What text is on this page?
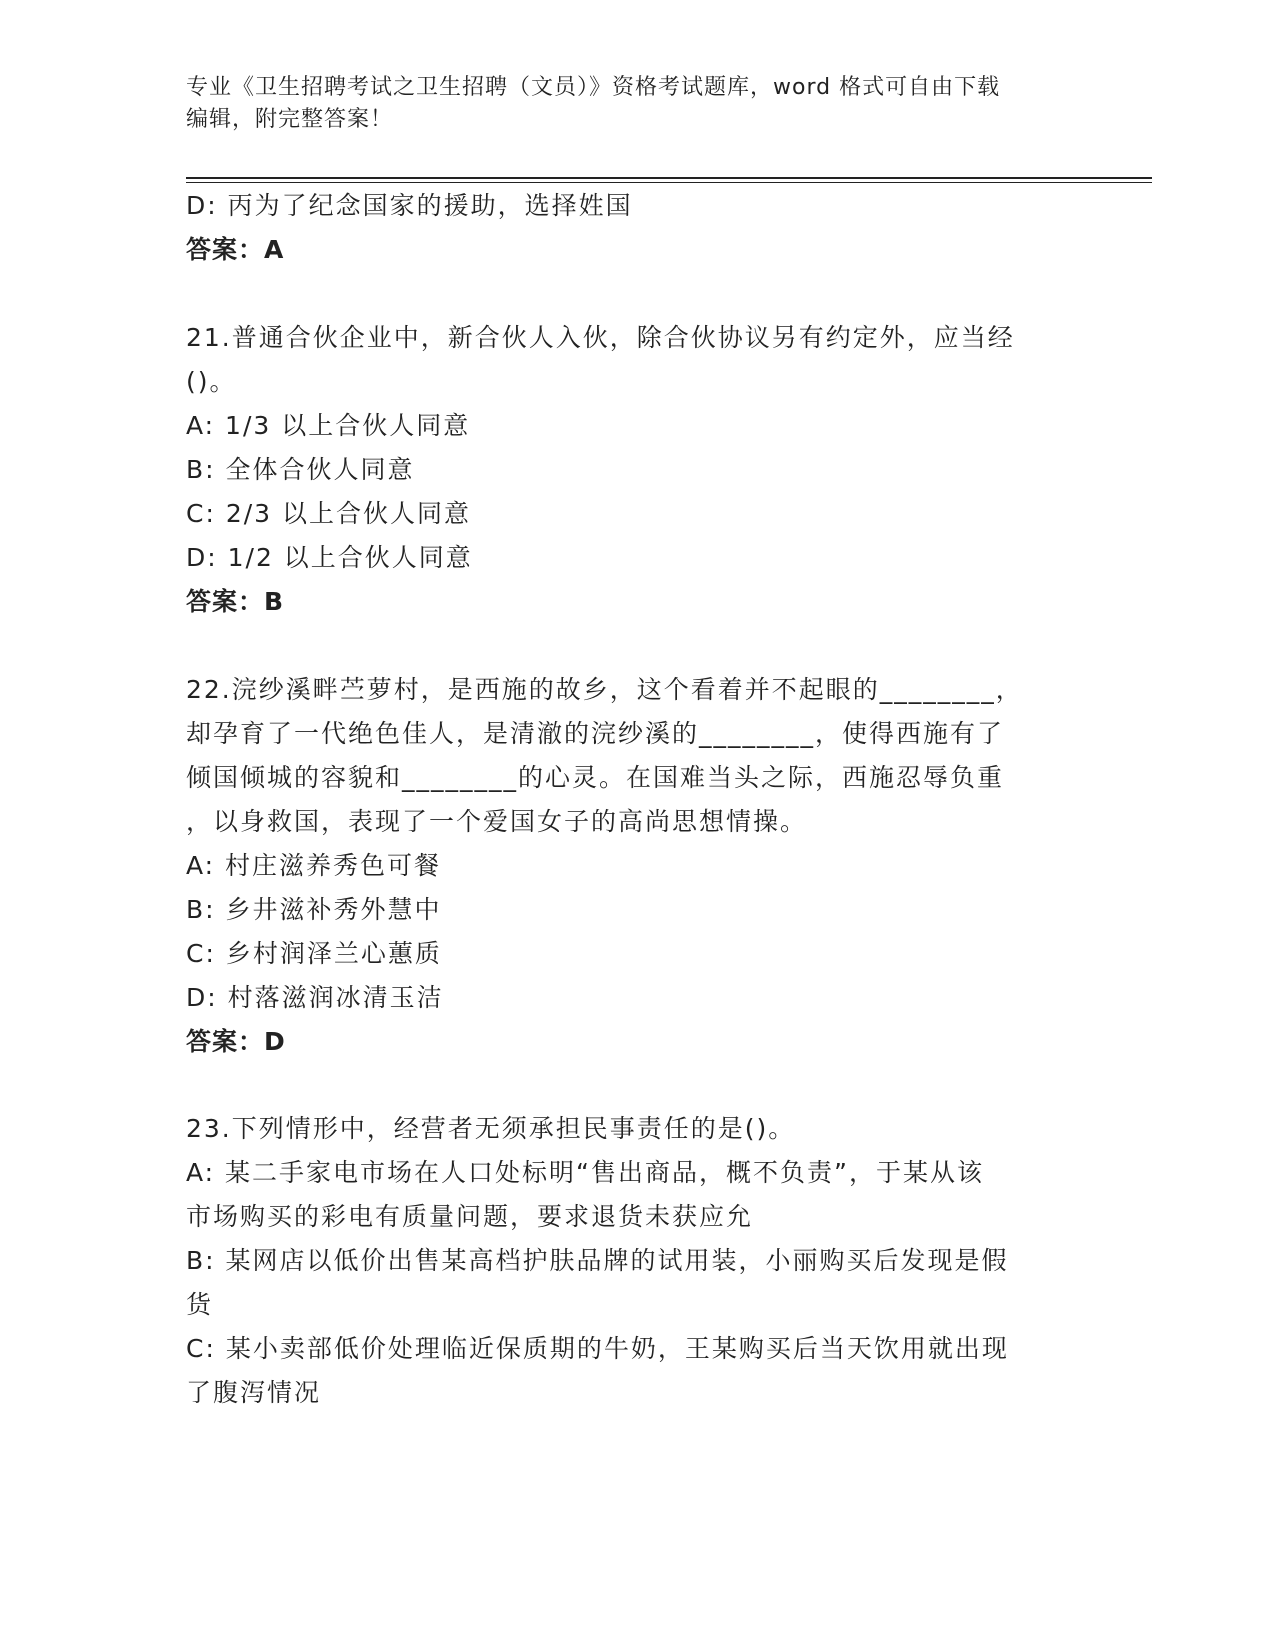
专业《卫生招聘考试之卫生招聘（文员）》资格考试题库，word 格式可自由下载
编辑，附完整答案！
D: 丙为了纪念国家的援助，选择姓国
答案：A
21.普通合伙企业中，新合伙人入伙，除合伙协议另有约定外，应当经
()。
A: 1/3 以上合伙人同意
B: 全体合伙人同意
C: 2/3 以上合伙人同意
D: 1/2 以上合伙人同意
答案：B
22.浣纱溪畔苎萝村，是西施的故乡，这个看着并不起眼的________，
却孕育了一代绝色佳人，是清澈的浣纱溪的________，使得西施有了
倾国倾城的容貌和________的心灵。在国难当头之际，西施忍辱负重
，以身救国，表现了一个爱国女子的高尚思想情操。
A: 村庄滋养秀色可餐
B: 乡井滋补秀外慧中
C: 乡村润泽兰心蕙质
D: 村落滋润冰清玉洁
答案：D
23.下列情形中，经营者无须承担民事责任的是()。
A: 某二手家电市场在人口处标明“售出商品，概不负责”，于某从该
市场购买的彩电有质量问题，要求退货未获应允
B: 某网店以低价出售某高档护肤品牌的试用装，小丽购买后发现是假
货
C: 某小卖部低价处理临近保质期的牛奶，王某购买后当天饮用就出现
了腹泻情况
